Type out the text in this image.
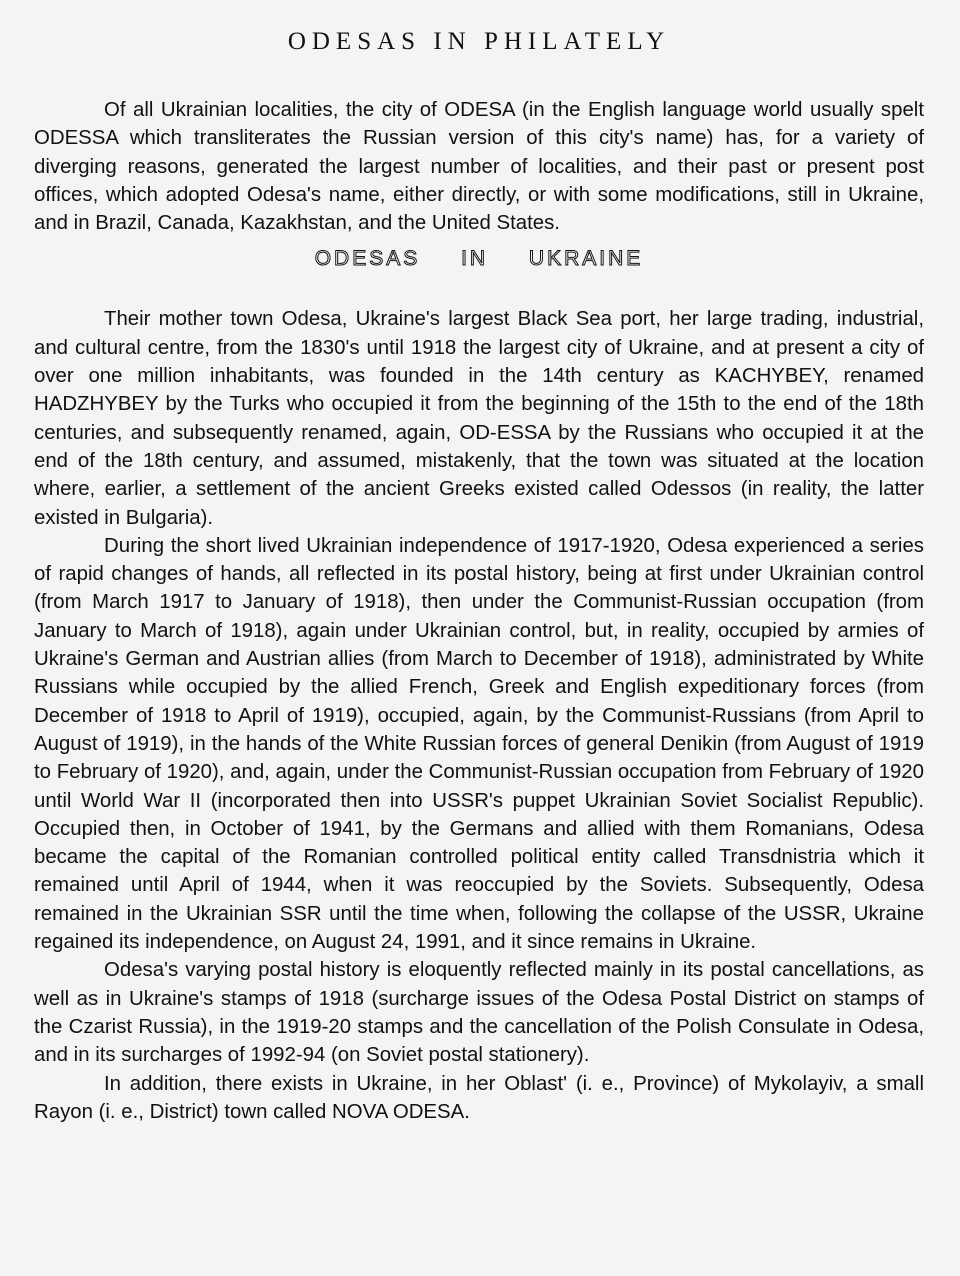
ODESAS IN PHILATELY

Of all Ukrainian localities, the city of ODESA (in the English language world usually spelt ODESSA which transliterates the Russian version of this city's name) has, for a variety of diverging reasons, generated the largest number of localities, and their past or present post offices, which adopted Odesa's name, either directly, or with some modifications, still in Ukraine, and in Brazil, Canada, Kazakhstan, and the United States.

ODESAS IN UKRAINE

Their mother town Odesa, Ukraine's largest Black Sea port, her large trading, industrial, and cultural centre, from the 1830's until 1918 the largest city of Ukraine, and at present a city of over one million inhabitants, was founded in the 14th century as KACHYBEY, renamed HADZHYBEY by the Turks who occupied it from the beginning of the 15th to the end of the 18th centuries, and subsequently renamed, again, OD-ESSA by the Russians who occupied it at the end of the 18th century, and assumed, mistakenly, that the town was situated at the location where, earlier, a settlement of the ancient Greeks existed called Odessos (in reality, the latter existed in Bulgaria).

During the short lived Ukrainian independence of 1917-1920, Odesa experienced a series of rapid changes of hands, all reflected in its postal history, being at first under Ukrainian control (from March 1917 to January of 1918), then under the Communist-Russian occupation (from January to March of 1918), again under Ukrainian control, but, in reality, occupied by armies of Ukraine's German and Austrian allies (from March to December of 1918), administrated by White Russians while occupied by the allied French, Greek and English expeditionary forces (from December of 1918 to April of 1919), occupied, again, by the Communist-Russians (from April to August of 1919), in the hands of the White Russian forces of general Denikin (from August of 1919 to February of 1920), and, again, under the Communist-Russian occupation from February of 1920 until World War II (incorporated then into USSR's puppet Ukrainian Soviet Socialist Republic). Occupied then, in October of 1941, by the Germans and allied with them Romanians, Odesa became the capital of the Romanian controlled political entity called Transdnistria which it remained until April of 1944, when it was reoccupied by the Soviets. Subsequently, Odesa remained in the Ukrainian SSR until the time when, following the collapse of the USSR, Ukraine regained its independence, on August 24, 1991, and it since remains in Ukraine.

Odesa's varying postal history is eloquently reflected mainly in its postal cancellations, as well as in Ukraine's stamps of 1918 (surcharge issues of the Odesa Postal District on stamps of the Czarist Russia), in the 1919-20 stamps and the cancellation of the Polish Consulate in Odesa, and in its surcharges of 1992-94 (on Soviet postal stationery).

In addition, there exists in Ukraine, in her Oblast' (i. e., Province) of Mykolayiv, a small Rayon (i. e., District) town called NOVA ODESA.
